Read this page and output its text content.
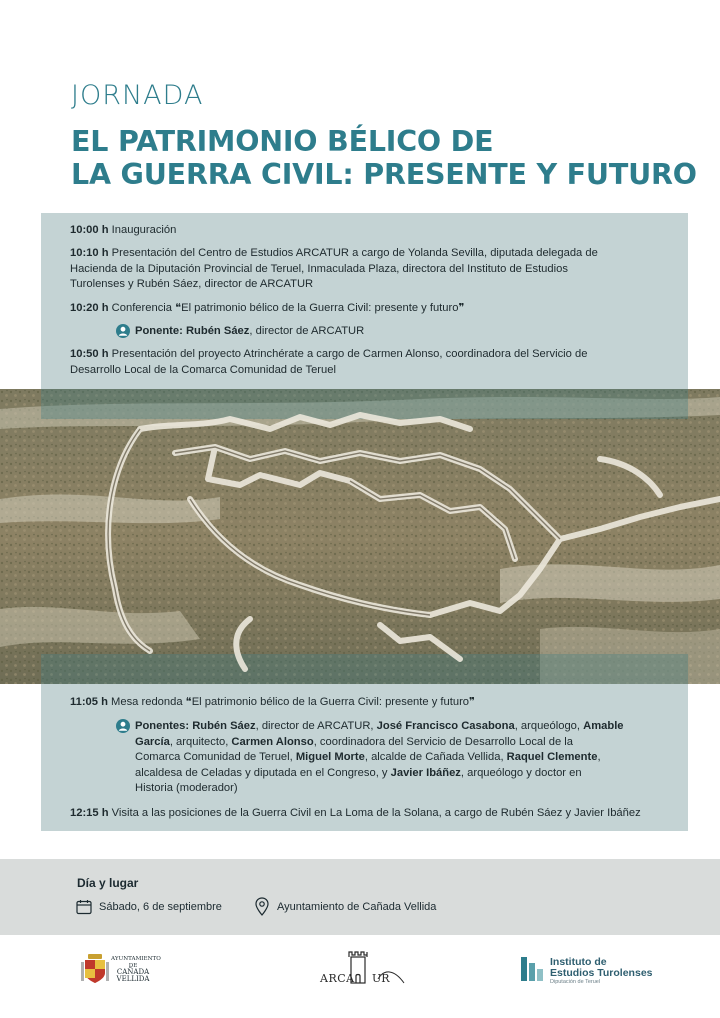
JORNADA
EL PATRIMONIO BÉLICO DE
LA GUERRA CIVIL: PRESENTE Y FUTURO
10:00 h Inauguración
10:10 h Presentación del Centro de Estudios ARCATUR a cargo de Yolanda Sevilla, diputada delegada de
Hacienda de la Diputación Provincial de Teruel, Inmaculada Plaza, directora del Instituto de Estudios
Turolenses y Rubén Sáez, director de ARCATUR
10:20 h Conferencia ❝El patrimonio bélico de la Guerra Civil: presente y futuro❞
Ponente: Rubén Sáez, director de ARCATUR
10:50 h Presentación del proyecto Atrinchérate a cargo de Carmen Alonso, coordinadora del Servicio de
Desarrollo Local de la Comarca Comunidad de Teruel
11:05 h Mesa redonda ❝El patrimonio bélico de la Guerra Civil: presente y futuro❞
Ponentes: Rubén Sáez, director de ARCATUR, José Francisco Casabona, arqueólogo, Amable
García, arquitecto, Carmen Alonso, coordinadora del Servicio de Desarrollo Local de la
Comarca Comunidad de Teruel, Miguel Morte, alcalde de Cañada Vellida, Raquel Clemente,
alcaldesa de Celadas y diputada en el Congreso, y Javier Ibáñez, arqueólogo y doctor en
Historia (moderador)
12:15 h Visita a las posiciones de la Guerra Civil en La Loma de la Solana, a cargo de Rubén Sáez y Javier Ibáñez
Día y lugar
Sábado, 6 de septiembre	Ayuntamiento de Cañada Vellida
AYUNTAMIENTO
DE
CAÑADA
VELLIDA	ARCA UR
Instituto de
Estudios Turolenses
Diputación de Teruel
